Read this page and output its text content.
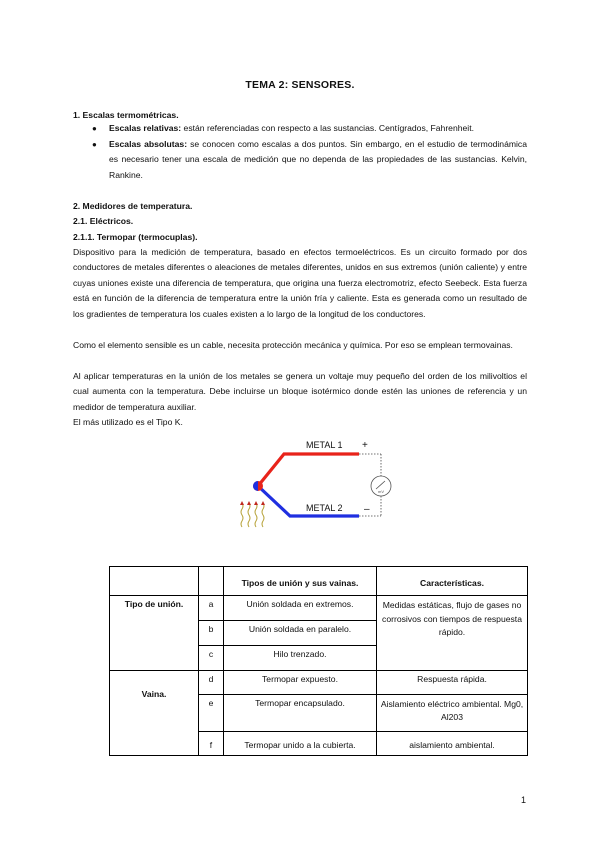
TEMA 2: SENSORES.
1. Escalas termométricas.
● Escalas relativas: están referenciadas con respecto a las sustancias. Centígrados, Fahrenheit.
● Escalas absolutas: se conocen como escalas a dos puntos. Sin embargo, en el estudio de termodinámica es necesario tener una escala de medición que no dependa de las propiedades de las sustancias. Kelvin, Rankine.
2. Medidores de temperatura.
2.1. Eléctricos.
2.1.1. Termopar (termocuplas).
Dispositivo para la medición de temperatura, basado en efectos termoeléctricos. Es un circuito formado por dos conductores de metales diferentes o aleaciones de metales diferentes, unidos en sus extremos (unión caliente) y entre cuyas uniones existe una diferencia de temperatura, que origina una fuerza electromotriz, efecto Seebeck. Esta fuerza está en función de la diferencia de temperatura entre la unión fría y caliente. Esta es generada como un resultado de los gradientes de temperatura los cuales existen a lo largo de la longitud de los conductores.
Como el elemento sensible es un cable, necesita protección mecánica y química. Por eso se emplean termovainas.
Al aplicar temperaturas en la unión de los metales se genera un voltaje muy pequeño del orden de los milivoltios el cual aumenta con la temperatura. Debe incluirse un bloque isotérmico donde estén las uniones de referencia y un medidor de temperatura auxiliar.
El más utilizado es el Tipo K.
mV
METAL 1 +
METAL 2 –
		Tipos de unión y sus vainas.	Características.
Tipo de unión.	a	Unión soldada en extremos.	Medidas estáticas, flujo de gases no corrosivos con tiempos de respuesta rápido.
	b	Unión soldada en paralelo.	
	c	Hilo trenzado.	
Vaina.	d	Termopar expuesto.	Respuesta rápida.
	e	Termopar encapsulado.	Aislamiento eléctrico ambiental. Mg0, Al203
	f	Termopar unido a la cubierta.	aislamiento ambiental.
1
